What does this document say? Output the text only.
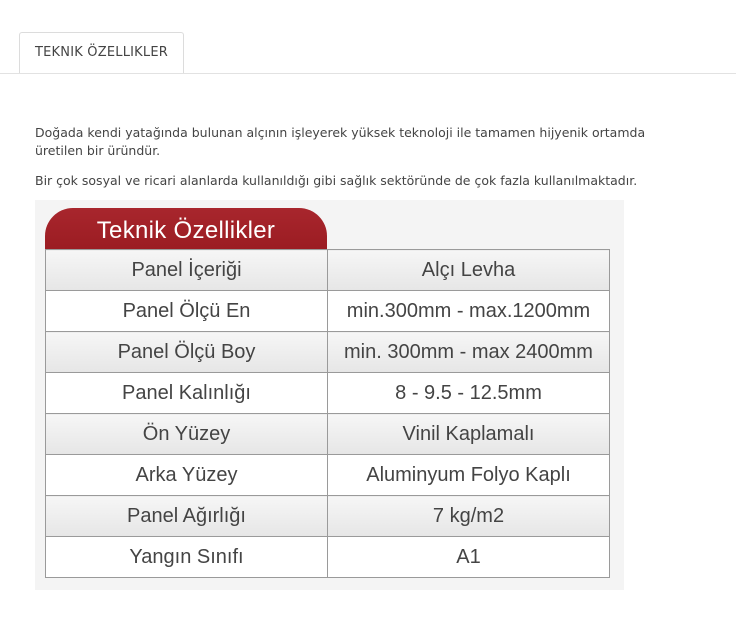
TEKNIK ÖZELLIKLER

Doğada kendi yatağında bulunan alçının işleyerek yüksek teknoloji ile tamamen hijyenik ortamda üretilen bir üründür.

Bir çok sosyal ve ricari alanlarda kullanıldığı gibi sağlık sektöründe de çok fazla kullanılmaktadır.

Teknik Özellikler
Panel İçeriği	Alçı Levha
Panel Ölçü En	min.300mm - max.1200mm
Panel Ölçü Boy	min. 300mm - max 2400mm
Panel Kalınlığı	8 - 9.5 - 12.5mm
Ön Yüzey	Vinil Kaplamalı
Arka Yüzey	Aluminyum Folyo Kaplı
Panel Ağırlığı	7 kg/m2
Yangın Sınıfı	A1
